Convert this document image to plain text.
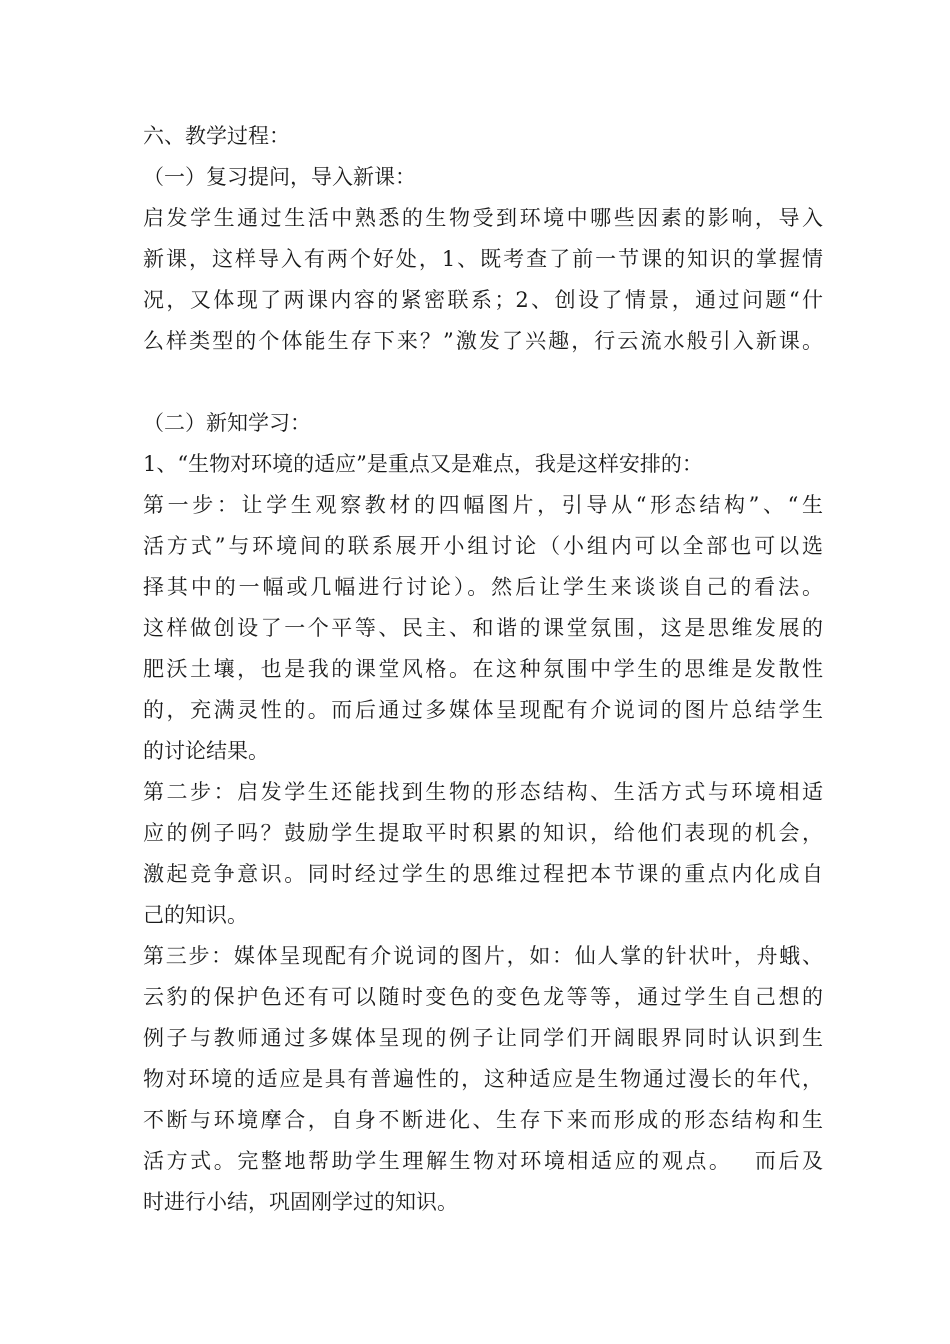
六、教学过程：
（一）复习提问，导入新课：
启发学生通过生活中熟悉的生物受到环境中哪些因素的影响，导入
新课，这样导入有两个好处，1、既考查了前一节课的知识的掌握情
况，又体现了两课内容的紧密联系；2、创设了情景，通过问题“什
么样类型的个体能生存下来？”激发了兴趣，行云流水般引入新课。
（二）新知学习：
1、“生物对环境的适应”是重点又是难点，我是这样安排的：
第一步：让学生观察教材的四幅图片，引导从“形态结构”、“生
活方式”与环境间的联系展开小组讨论（小组内可以全部也可以选
择其中的一幅或几幅进行讨论）。然后让学生来谈谈自己的看法。
这样做创设了一个平等、民主、和谐的课堂氛围，这是思维发展的
肥沃土壤，也是我的课堂风格。在这种氛围中学生的思维是发散性
的，充满灵性的。而后通过多媒体呈现配有介说词的图片总结学生
的讨论结果。
第二步：启发学生还能找到生物的形态结构、生活方式与环境相适
应的例子吗？鼓励学生提取平时积累的知识，给他们表现的机会，
激起竞争意识。同时经过学生的思维过程把本节课的重点内化成自
己的知识。
第三步：媒体呈现配有介说词的图片，如：仙人掌的针状叶，舟蛾、
云豹的保护色还有可以随时变色的变色龙等等，通过学生自己想的
例子与教师通过多媒体呈现的例子让同学们开阔眼界同时认识到生
物对环境的适应是具有普遍性的，这种适应是生物通过漫长的年代，
不断与环境摩合，自身不断进化、生存下来而形成的形态结构和生
活方式。完整地帮助学生理解生物对环境相适应的观点。　 而后及
时进行小结，巩固刚学过的知识。
